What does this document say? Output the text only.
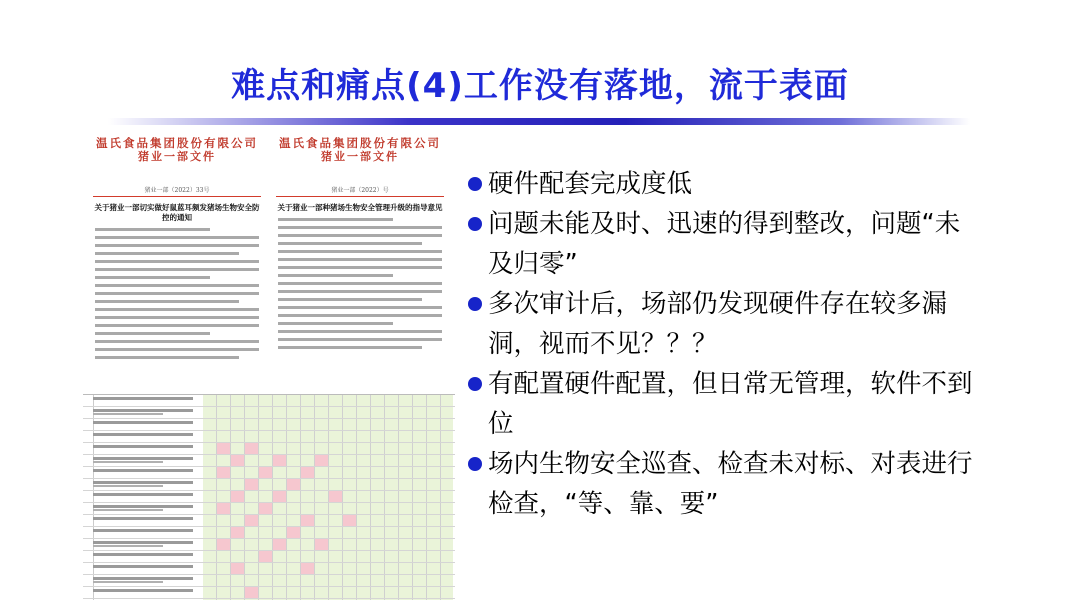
难点和痛点(4)工作没有落地，流于表面
温氏食品集团股份有限公司
猪业一部文件
猪业一部（2022）33号
关于猪业一部切实做好鼠蓝耳频发猪场生物安全防控的通知
温氏食品集团股份有限公司
猪业一部文件
猪业一部（2022）号
关于猪业一部种猪场生物安全管理升级的指导意见
硬件配套完成度低
问题未能及时、迅速的得到整改，问题“未及归零”
多次审计后，场部仍发现硬件存在较多漏洞，视而不见？？？
有配置硬件配置，但日常无管理，软件不到位
场内生物安全巡查、检查未对标、对表进行检查，“等、靠、要”
